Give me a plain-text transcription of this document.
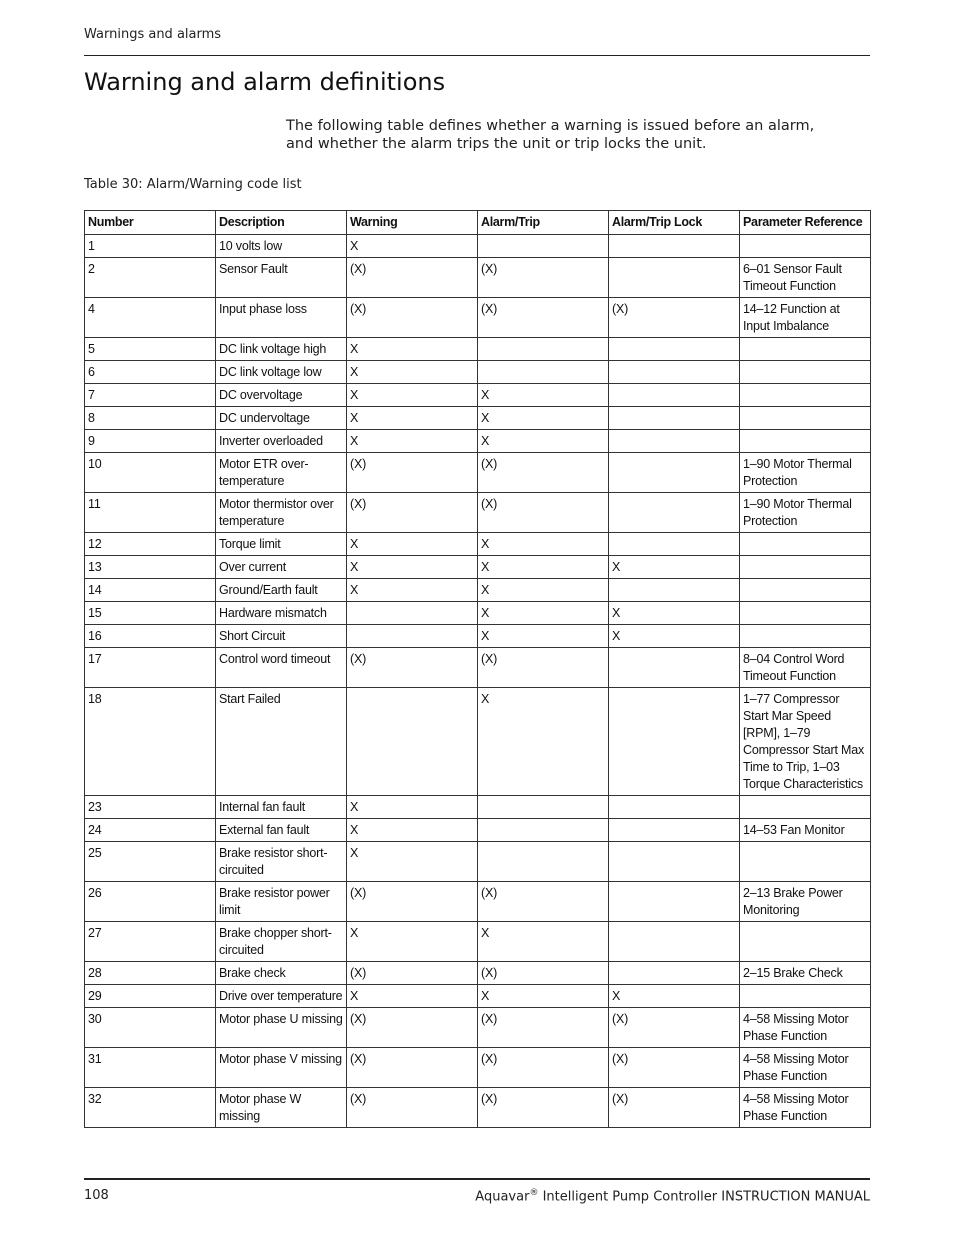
Warnings and alarms
Warning and alarm definitions

The following table defines whether a warning is issued before an alarm, and whether the alarm trips the unit or trip locks the unit.

Table 30: Alarm/Warning code list
Number	Description	Warning	Alarm/Trip	Alarm/Trip Lock	Parameter Reference
1	10 volts low	X			
2	Sensor Fault	(X)	(X)		6–01 Sensor Fault Timeout Function
4	Input phase loss	(X)	(X)	(X)	14–12 Function at Input Imbalance
5	DC link voltage high	X			
6	DC link voltage low	X			
7	DC overvoltage	X	X		
8	DC undervoltage	X	X		
9	Inverter overloaded	X	X		
10	Motor ETR over-temperature	(X)	(X)		1–90 Motor Thermal Protection
11	Motor thermistor over temperature	(X)	(X)		1–90 Motor Thermal Protection
12	Torque limit	X	X		
13	Over current	X	X	X	
14	Ground/Earth fault	X	X		
15	Hardware mismatch		X	X	
16	Short Circuit		X	X	
17	Control word timeout	(X)	(X)		8–04 Control Word Timeout Function
18	Start Failed		X		1–77 Compressor Start Mar Speed [RPM], 1–79 Compressor Start Max Time to Trip, 1–03 Torque Characteristics
23	Internal fan fault	X			
24	External fan fault	X			14–53 Fan Monitor
25	Brake resistor short-circuited	X			
26	Brake resistor power limit	(X)	(X)		2–13 Brake Power Monitoring
27	Brake chopper short-circuited	X	X		
28	Brake check	(X)	(X)		2–15 Brake Check
29	Drive over temperature	X	X	X	
30	Motor phase U missing	(X)	(X)	(X)	4–58 Missing Motor Phase Function
31	Motor phase V missing	(X)	(X)	(X)	4–58 Missing Motor Phase Function
32	Motor phase W missing	(X)	(X)	(X)	4–58 Missing Motor Phase Function
108	Aquavar® Intelligent Pump Controller INSTRUCTION MANUAL
